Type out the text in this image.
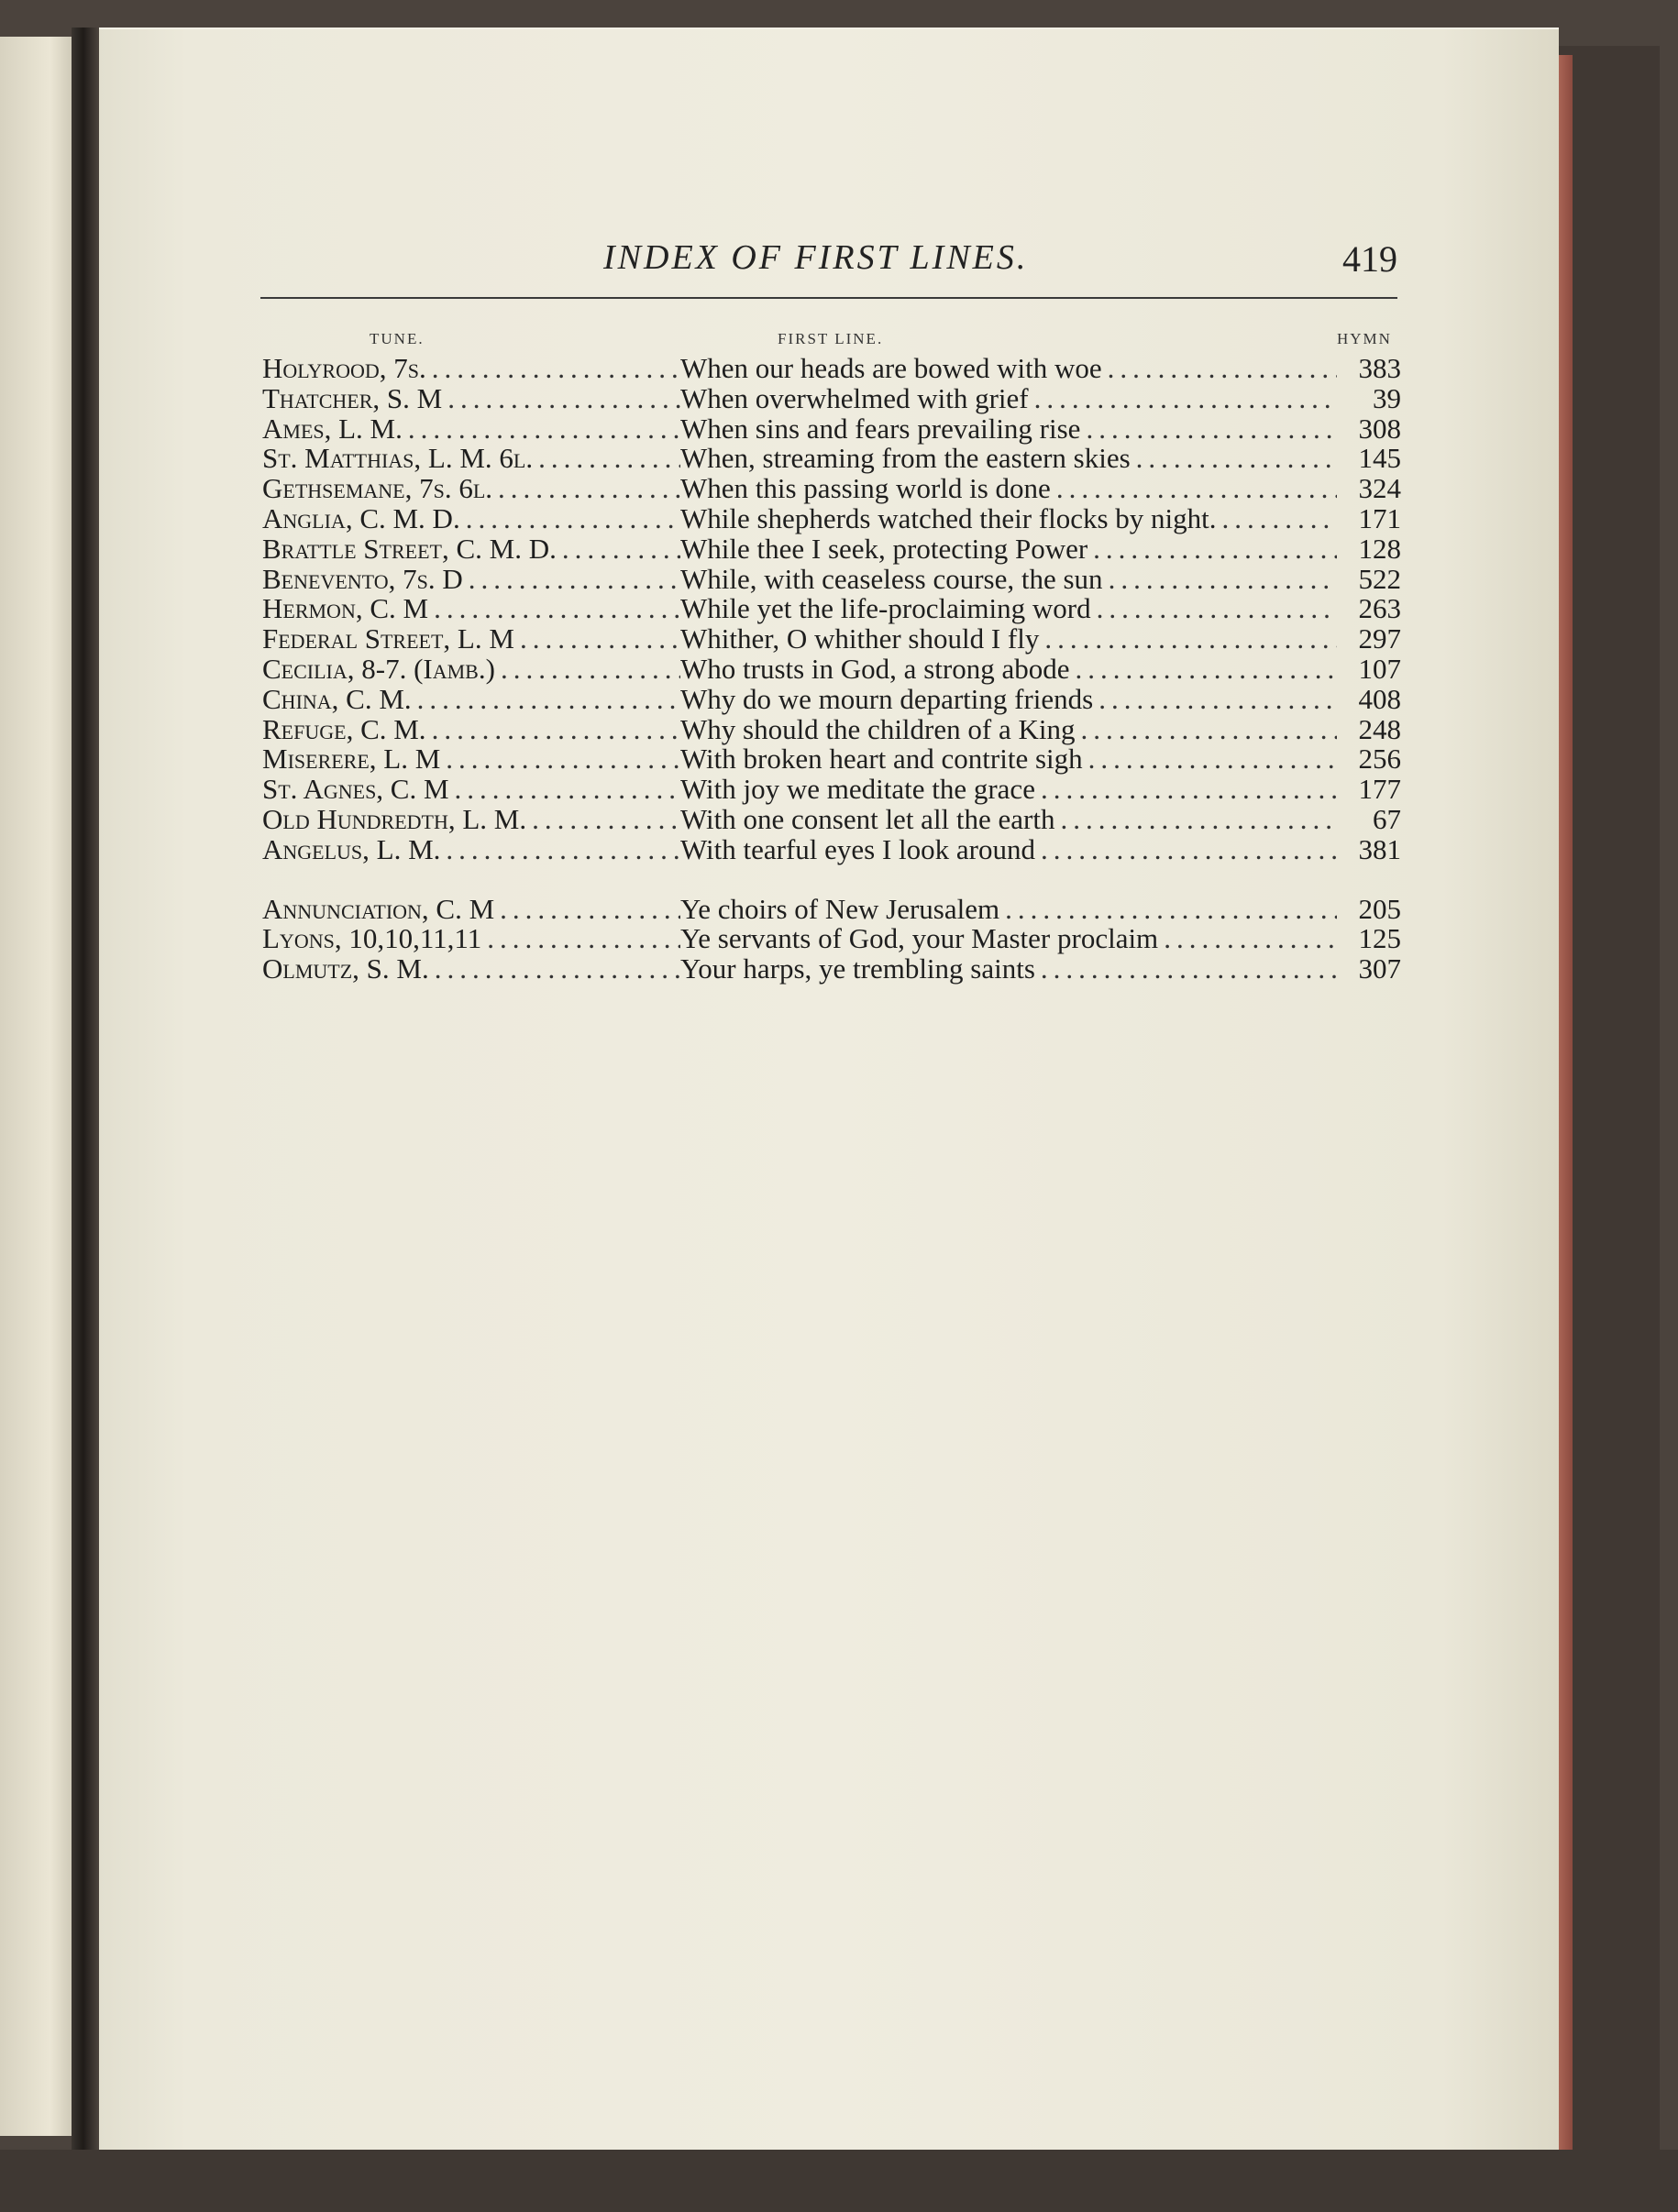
INDEX OF FIRST LINES.	419
TUNE.	FIRST LINE.	HYMN
Holyrood, 7s. .....	When our heads are bowed with woe .....	383
Thatcher, S. M .....	When overwhelmed with grief .....	39
Ames, L. M. .....	When sins and fears prevailing rise .....	308
St. Matthias, L. M. 6l. .....	When, streaming from the eastern skies .....	145
Gethsemane, 7s. 6l. .....	When this passing world is done .....	324
Anglia, C. M. D. .....	While shepherds watched their flocks by night. .....	171
Brattle Street, C. M. D. .....	While thee I seek, protecting Power .....	128
Benevento, 7s. D .....	While, with ceaseless course, the sun .....	522
Hermon, C. M .....	While yet the life-proclaiming word .....	263
Federal Street, L. M .....	Whither, O whither should I fly .....	297
Cecilia, 8-7. (Iamb.) .....	Who trusts in God, a strong abode .....	107
China, C. M. .....	Why do we mourn departing friends .....	408
Refuge, C. M. .....	Why should the children of a King .....	248
Miserere, L. M .....	With broken heart and contrite sigh .....	256
St. Agnes, C. M .....	With joy we meditate the grace .....	177
Old Hundredth, L. M. .....	With one consent let all the earth .....	67
Angelus, L. M. .....	With tearful eyes I look around .....	381
Annunciation, C. M .....	Ye choirs of New Jerusalem .....	205
Lyons, 10,10,11,11 .....	Ye servants of God, your Master proclaim .....	125
Olmutz, S. M. .....	Your harps, ye trembling saints .....	307
